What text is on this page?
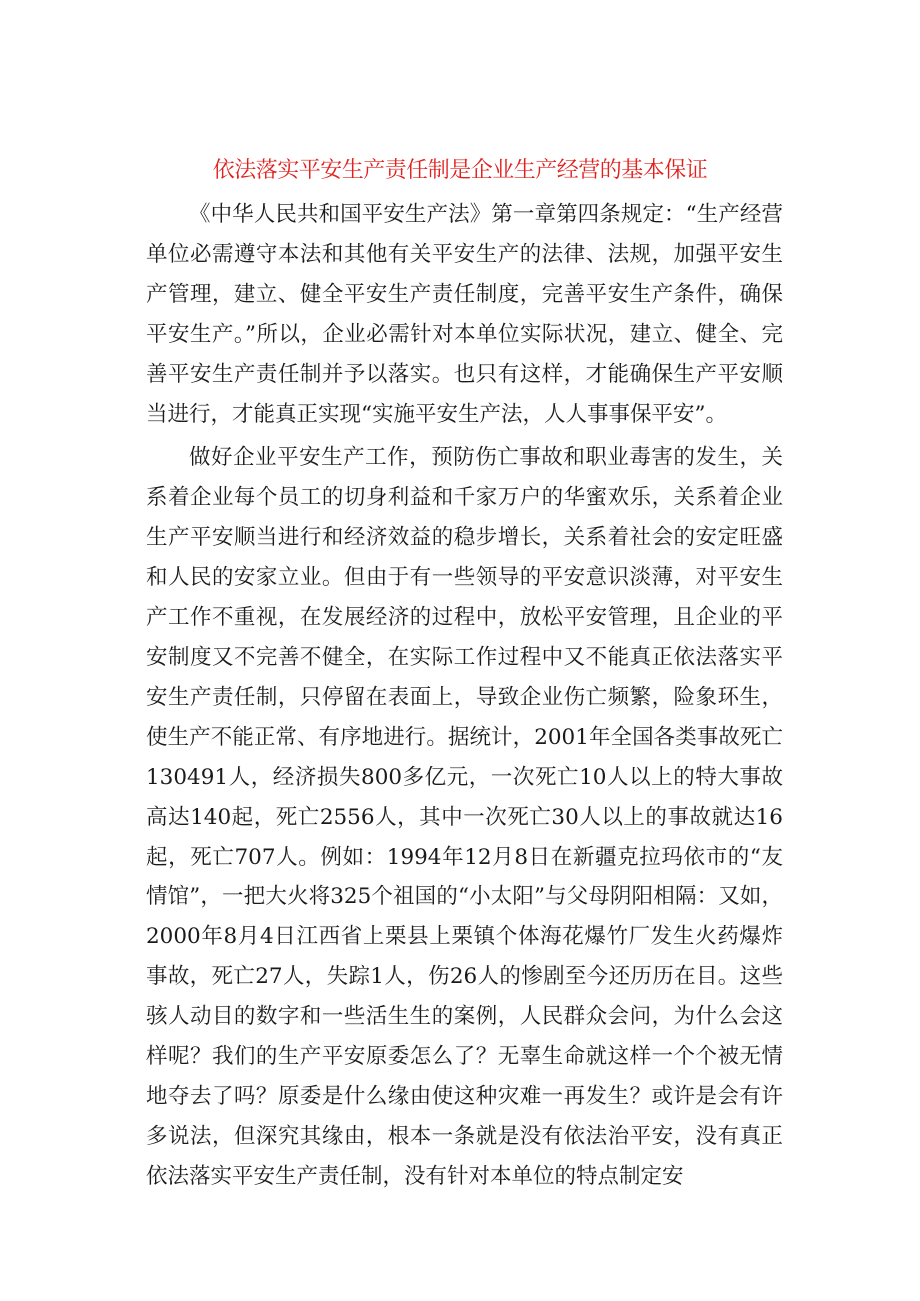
依法落实平安生产责任制是企业生产经营的基本保证

《中华人民共和国平安生产法》第一章第四条规定：“生产经营单位必需遵守本法和其他有关平安生产的法律、法规，加强平安生产管理，建立、健全平安生产责任制度，完善平安生产条件，确保平安生产。”所以，企业必需针对本单位实际状况，建立、健全、完善平安生产责任制并予以落实。也只有这样，才能确保生产平安顺当进行，才能真正实现“实施平安生产法，人人事事保平安”。

做好企业平安生产工作，预防伤亡事故和职业毒害的发生，关系着企业每个员工的切身利益和千家万户的华蜜欢乐，关系着企业生产平安顺当进行和经济效益的稳步增长，关系着社会的安定旺盛和人民的安家立业。但由于有一些领导的平安意识淡薄，对平安生产工作不重视，在发展经济的过程中，放松平安管理，且企业的平安制度又不完善不健全，在实际工作过程中又不能真正依法落实平安生产责任制，只停留在表面上，导致企业伤亡频繁，险象环生，使生产不能正常、有序地进行。据统计，2001年全国各类事故死亡130491人，经济损失800多亿元，一次死亡10人以上的特大事故高达140起，死亡2556人，其中一次死亡30人以上的事故就达16起，死亡707人。例如：1994年12月8日在新疆克拉玛依市的“友情馆”，一把大火将325个祖国的“小太阳”与父母阴阳相隔：又如，2000年8月4日江西省上栗县上栗镇个体海花爆竹厂发生火药爆炸事故，死亡27人，失踪1人，伤26人的惨剧至今还历历在目。这些骇人动目的数字和一些活生生的案例，人民群众会问，为什么会这样呢？我们的生产平安原委怎么了？无辜生命就这样一个个被无情地夺去了吗？原委是什么缘由使这种灾难一再发生？或许是会有许多说法，但深究其缘由，根本一条就是没有依法治平安，没有真正依法落实平安生产责任制，没有针对本单位的特点制定安
